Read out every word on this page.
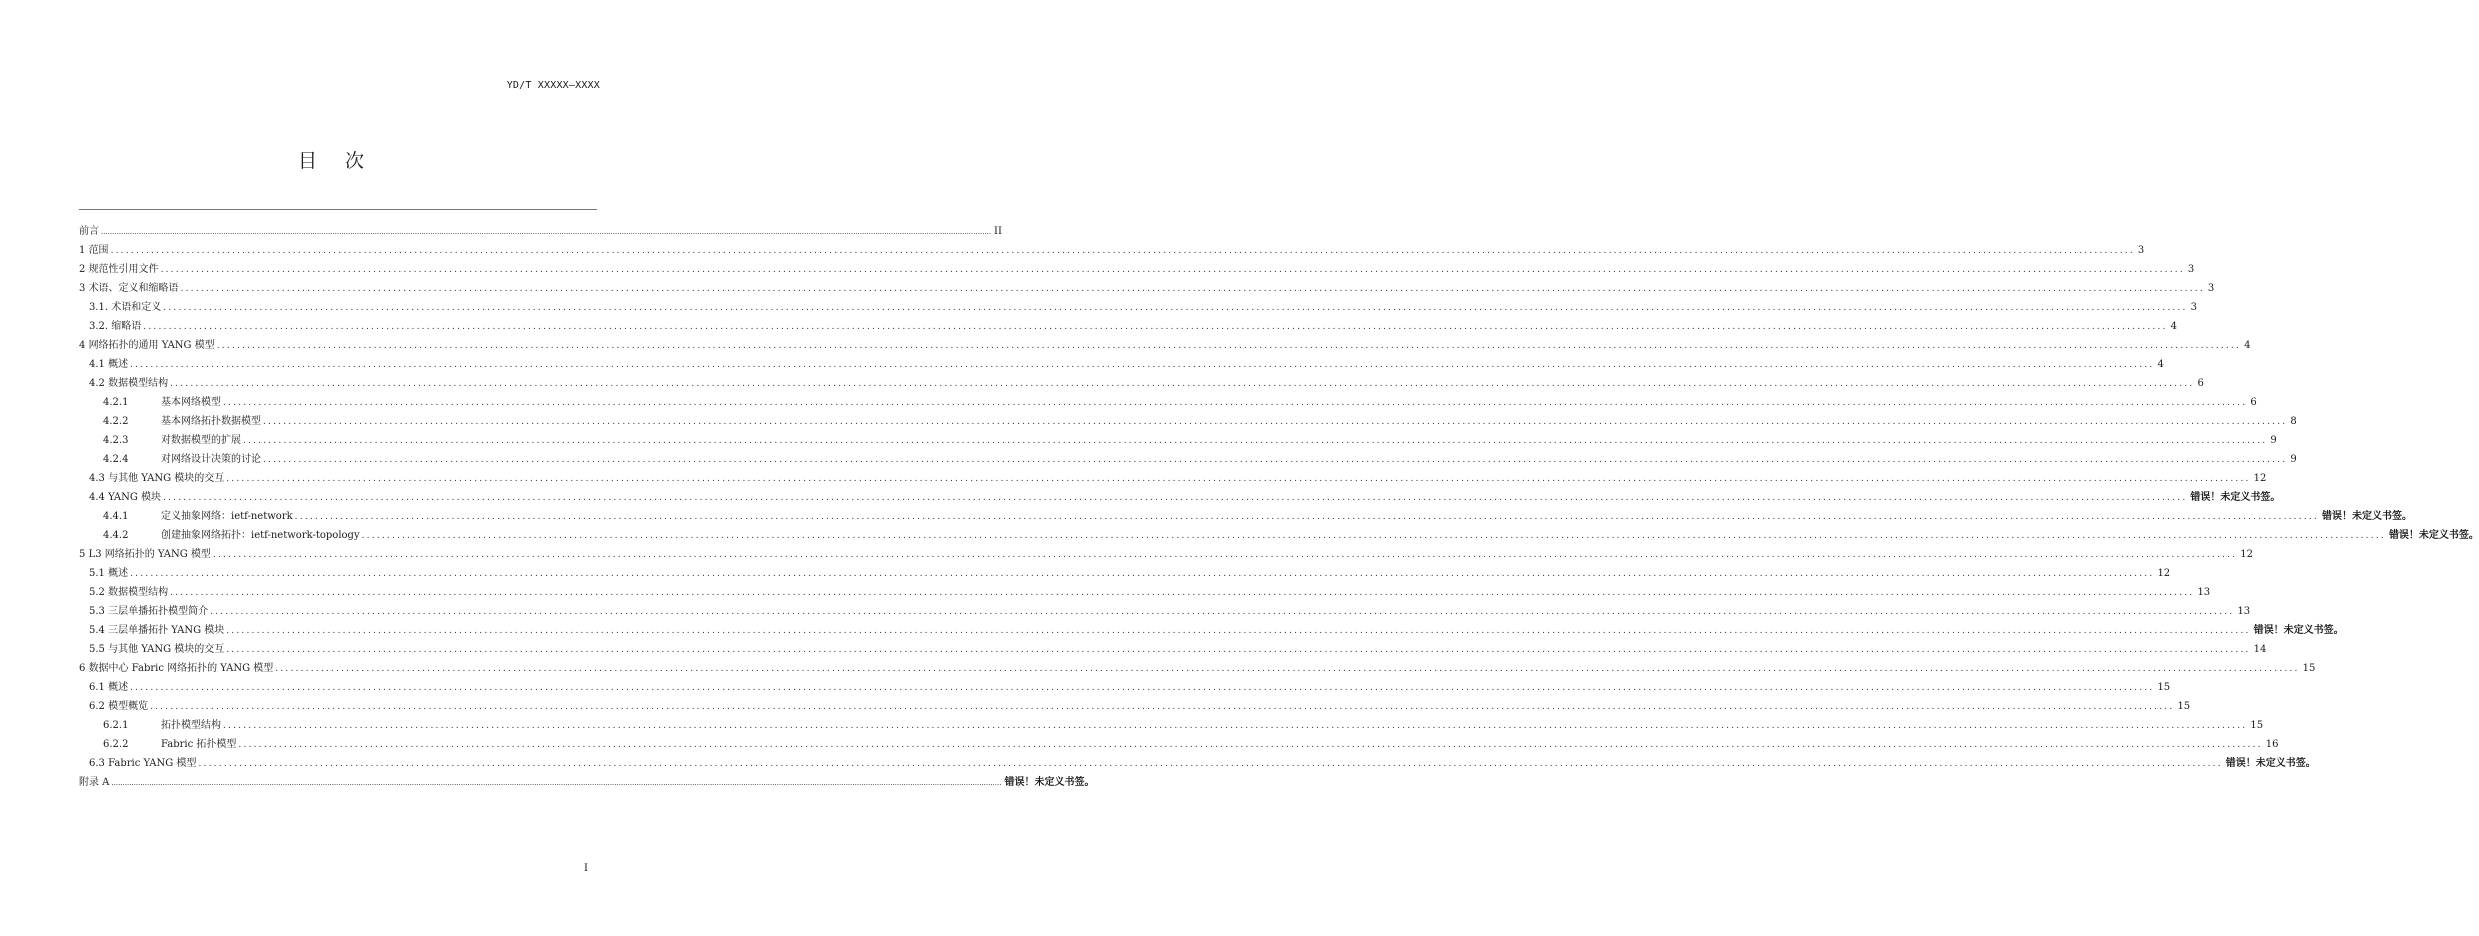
YD/T XXXXX—XXXX
目次
前言 ................................................................................................................................................................................................................................................................................................................................................................................................................ II
1 范围 ................................................................................................................................................................................................................................................................................................................................................................................................................ 3
2 规范性引用文件 ................................................................................................................................................................................................................................................................................................................................................................................................................ 3
3 术语、定义和缩略语 ................................................................................................................................................................................................................................................................................................................................................................................................................ 3
3.1. 术语和定义 ................................................................................................................................................................................................................................................................................................................................................................................................................ 3
3.2. 缩略语 ................................................................................................................................................................................................................................................................................................................................................................................................................ 4
4 网络拓扑的通用 YANG 模型 ................................................................................................................................................................................................................................................................................................................................................................................................................ 4
4.1 概述 ................................................................................................................................................................................................................................................................................................................................................................................................................ 4
4.2 数据模型结构 ................................................................................................................................................................................................................................................................................................................................................................................................................ 6
4.2.1	基本网络模型 ................................................................................................................................................................................................................................................................................................................................................................................................................ 6
4.2.2	基本网络拓扑数据模型 ................................................................................................................................................................................................................................................................................................................................................................................................................ 8
4.2.3	对数据模型的扩展 ................................................................................................................................................................................................................................................................................................................................................................................................................ 9
4.2.4	对网络设计决策的讨论 ................................................................................................................................................................................................................................................................................................................................................................................................................ 9
4.3 与其他 YANG 模块的交互 ................................................................................................................................................................................................................................................................................................................................................................................................................ 12
4.4 YANG 模块 ................................................................................................................................................................................................................................................................................................................................................................................................................ 错误！未定义书签。
4.4.1	定义抽象网络：ietf-network ................................................................................................................................................................................................................................................................................................................................................................................................................ 错误！未定义书签。
4.4.2	创建抽象网络拓扑：ietf-network-topology ................................................................................................................................................................................................................................................................................................................................................................................................................ 错误！未定义书签。
5 L3 网络拓扑的 YANG 模型 ................................................................................................................................................................................................................................................................................................................................................................................................................ 12
5.1 概述 ................................................................................................................................................................................................................................................................................................................................................................................................................ 12
5.2 数据模型结构 ................................................................................................................................................................................................................................................................................................................................................................................................................ 13
5.3 三层单播拓扑模型简介 ................................................................................................................................................................................................................................................................................................................................................................................................................ 13
5.4 三层单播拓扑 YANG 模块 ................................................................................................................................................................................................................................................................................................................................................................................................................ 错误！未定义书签。
5.5 与其他 YANG 模块的交互 ................................................................................................................................................................................................................................................................................................................................................................................................................ 14
6 数据中心 Fabric 网络拓扑的 YANG 模型 ................................................................................................................................................................................................................................................................................................................................................................................................................ 15
6.1 概述 ................................................................................................................................................................................................................................................................................................................................................................................................................ 15
6.2 模型概览 ................................................................................................................................................................................................................................................................................................................................................................................................................ 15
6.2.1	拓扑模型结构 ................................................................................................................................................................................................................................................................................................................................................................................................................ 15
6.2.2	Fabric 拓扑模型 ................................................................................................................................................................................................................................................................................................................................................................................................................ 16
6.3 Fabric YANG 模型 ................................................................................................................................................................................................................................................................................................................................................................................................................ 错误！未定义书签。
附录 A ................................................................................................................................................................................................................................................................................................................................................................................................................ 错误！未定义书签。
I
